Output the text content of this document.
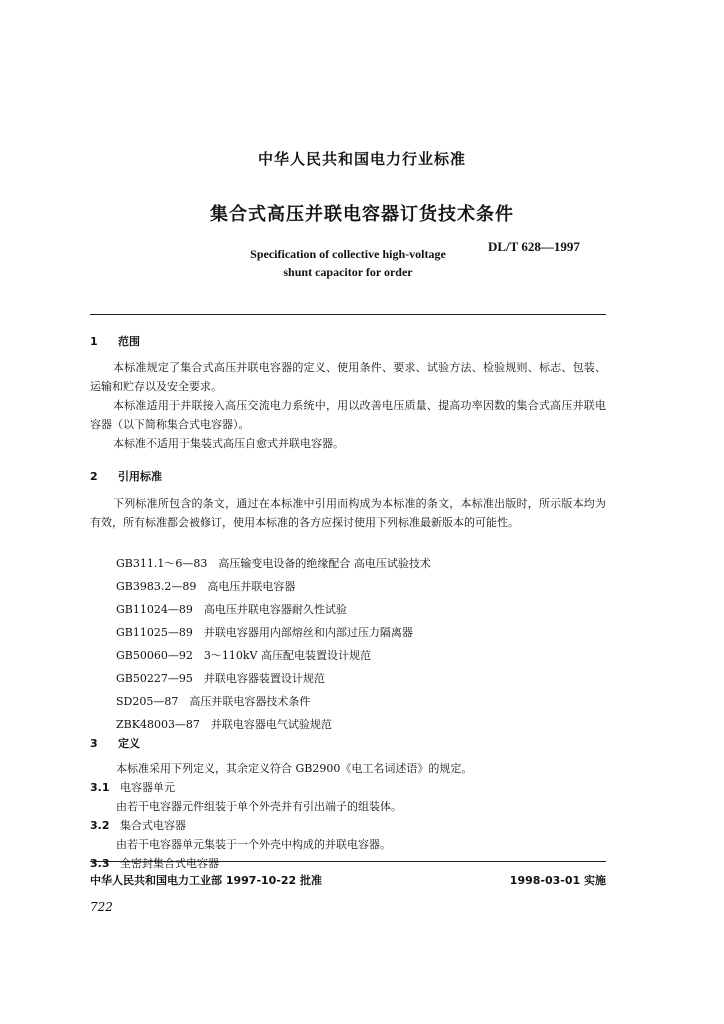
中华人民共和国电力行业标准
集合式高压并联电容器订货技术条件
Specification of collective high-voltage
shunt capacitor for order
DL/T 628—1997
1 范围

本标准规定了集合式高压并联电容器的定义、使用条件、要求、试验方法、检验规则、标志、包装、运输和贮存以及安全要求。

本标准适用于并联接入高压交流电力系统中，用以改善电压质量、提高功率因数的集合式高压并联电容器（以下简称集合式电容器）。

本标准不适用于集装式高压自愈式并联电容器。

2 引用标准

下列标准所包含的条文，通过在本标准中引用而构成为本标准的条文，本标准出版时，所示版本均为有效，所有标准都会被修订，使用本标准的各方应探讨使用下列标准最新版本的可能性。

GB311.1～6—83　高压输变电设备的绝缘配合 高电压试验技术
GB3983.2—89　高电压并联电容器
GB11024—89　高电压并联电容器耐久性试验
GB11025—89　并联电容器用内部熔丝和内部过压力隔离器
GB50060—92　3～110kV 高压配电装置设计规范
GB50227—95　并联电容器装置设计规范
SD205—87　高压并联电容器技术条件
ZBK48003—87　并联电容器电气试验规范
3 定义
本标准采用下列定义，其余定义符合 GB2900《电工名词述语》的规定。
3.1 电容器单元
由若干电容器元件组装于单个外壳并有引出端子的组装体。
3.2 集合式电容器
中华人民共和国电力工业部 1997-10-22 批准	1998-03-01 实施
722
由若干电容器单元集装于一个外壳中构成的并联电容器。
3.3 全密封集合式电容器
